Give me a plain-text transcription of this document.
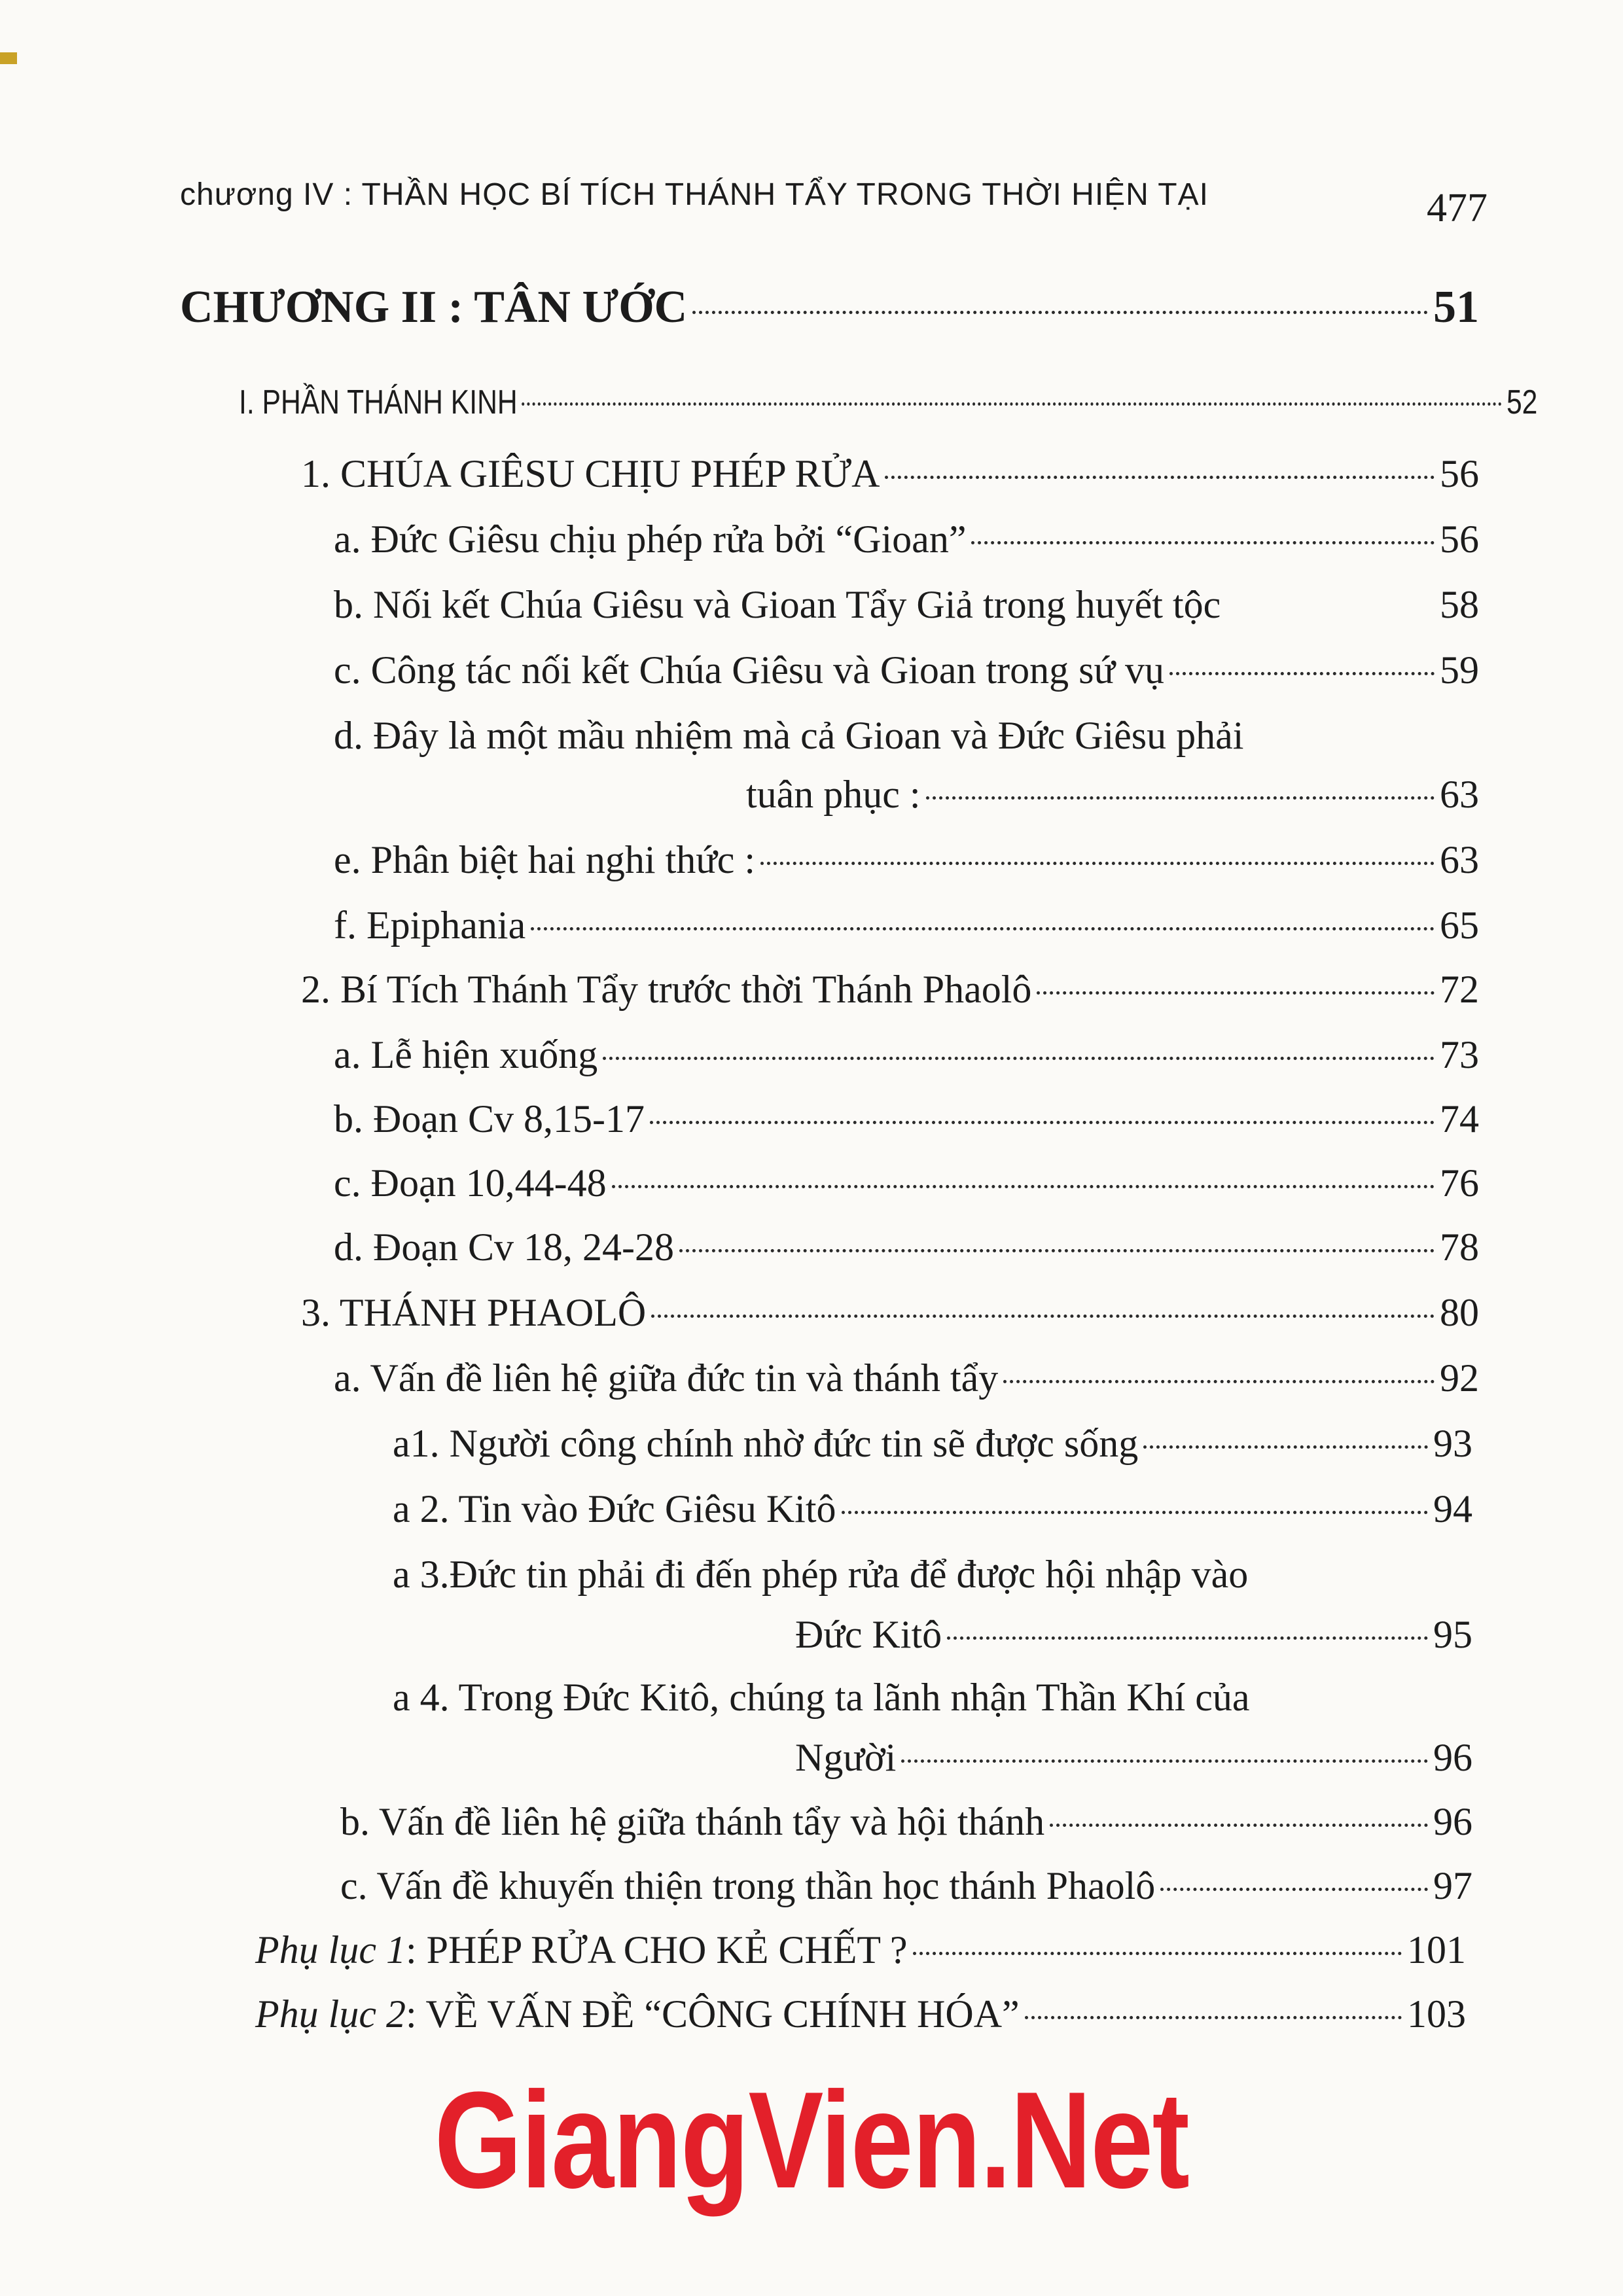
chương IV : THẦN HỌC BÍ TÍCH THÁNH TẨY TRONG THỜI HIỆN TẠI	477
CHƯƠNG II : TÂN ƯỚC	51
I. PHẦN THÁNH KINH	52
1. CHÚA GIÊSU CHỊU PHÉP RỬA	56
a. Đức Giêsu chịu phép rửa bởi “Gioan”	56
b. Nối kết Chúa Giêsu và Gioan Tẩy Giả trong huyết tộc	58
c. Công tác nối kết Chúa Giêsu và Gioan trong sứ vụ	59
d. Đây là một mầu nhiệm mà cả Gioan và Đức Giêsu phải
tuân phục :	63
e. Phân biệt hai nghi thức :	63
f. Epiphania	65
2. Bí Tích Thánh Tẩy trước thời Thánh Phaolô	72
a. Lễ hiện xuống	73
b. Đoạn Cv 8,15-17	74
c. Đoạn 10,44-48	76
d. Đoạn Cv 18, 24-28	78
3. THÁNH PHAOLÔ	80
a. Vấn đề liên hệ giữa đức tin và thánh tẩy	92
a1. Người công chính nhờ đức tin sẽ được sống	93
a 2. Tin vào Đức Giêsu Kitô	94
a 3.Đức tin phải đi đến phép rửa để được hội nhập vào
Đức Kitô	95
a 4. Trong Đức Kitô, chúng ta lãnh nhận Thần Khí của
Người	96
b. Vấn đề liên hệ giữa thánh tẩy và hội thánh	96
c. Vấn đề khuyến thiện trong thần học thánh Phaolô	97
Phụ lục 1 : PHÉP RỬA CHO KẺ CHẾT ?	101
Phụ lục 2 : VỀ VẤN ĐỀ “CÔNG CHÍNH HÓA”	103
GiangVien.Net
